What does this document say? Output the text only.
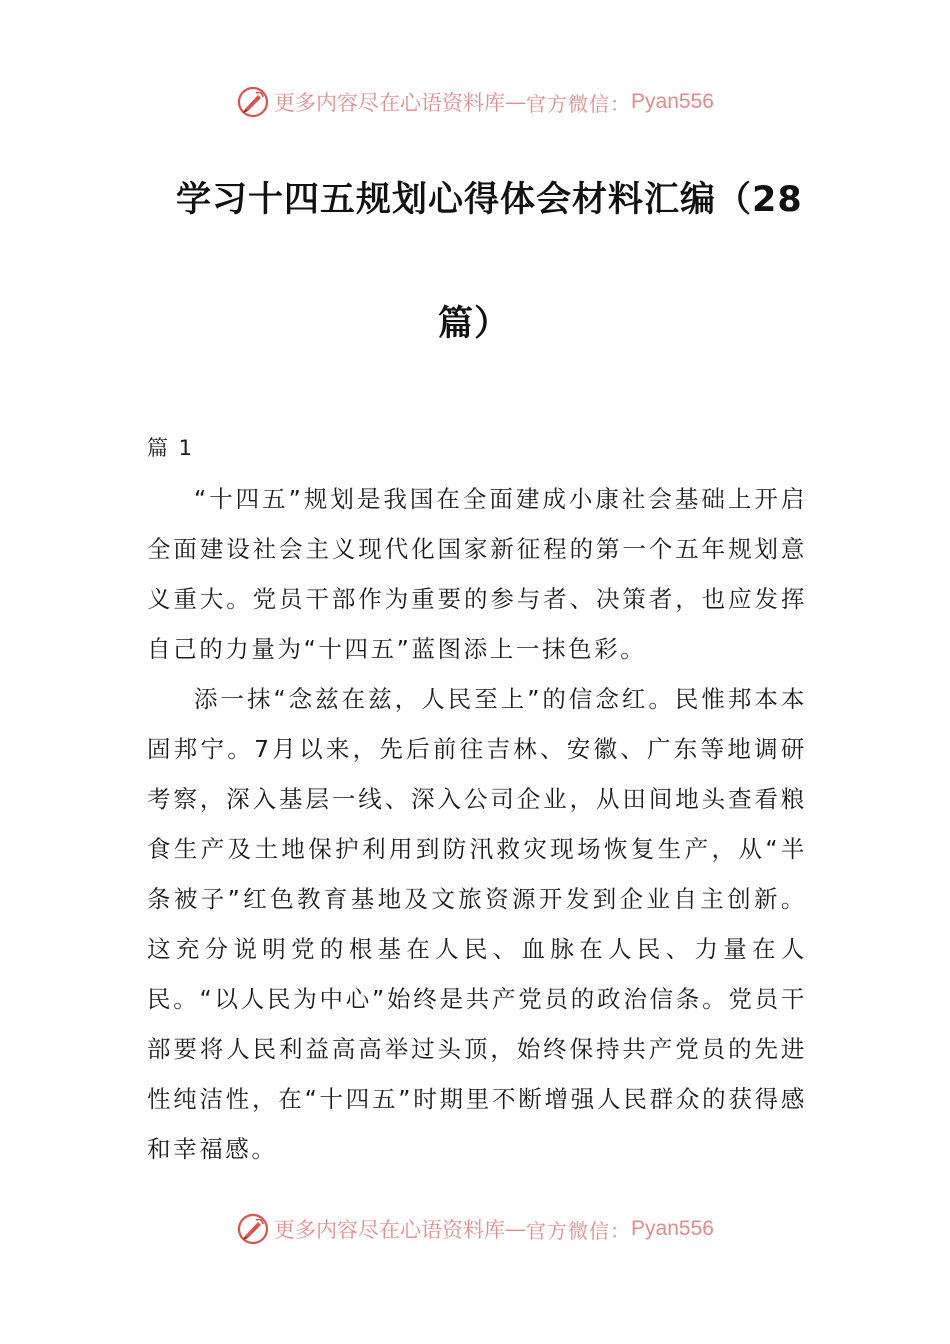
更多内容尽在心语资料库 — 官方微信： Pyan556
学习十四五规划心得体会材料汇编（28
篇）
篇 1

“十四五”规划是我国在全面建成小康社会基础上开启全面建设社会主义现代化国家新征程的第一个五年规划意义重大。党员干部作为重要的参与者、决策者，也应发挥自己的力量为“十四五”蓝图添上一抹色彩。

添一抹“念兹在兹，人民至上”的信念红。民惟邦本本固邦宁。7月以来，先后前往吉林、安徽、广东等地调研考察，深入基层一线、深入公司企业，从田间地头查看粮食生产及土地保护利用到防汛救灾现场恢复生产，从“半条被子”红色教育基地及文旅资源开发到企业自主创新。这充分说明党的根基在人民、血脉在人民、力量在人民。“以人民为中心”始终是共产党员的政治信条。党员干部要将人民利益高高举过头顶，始终保持共产党员的先进性纯洁性，在“十四五”时期里不断增强人民群众的获得感和幸福感。

更多内容尽在心语资料库 — 官方微信： Pyan556
